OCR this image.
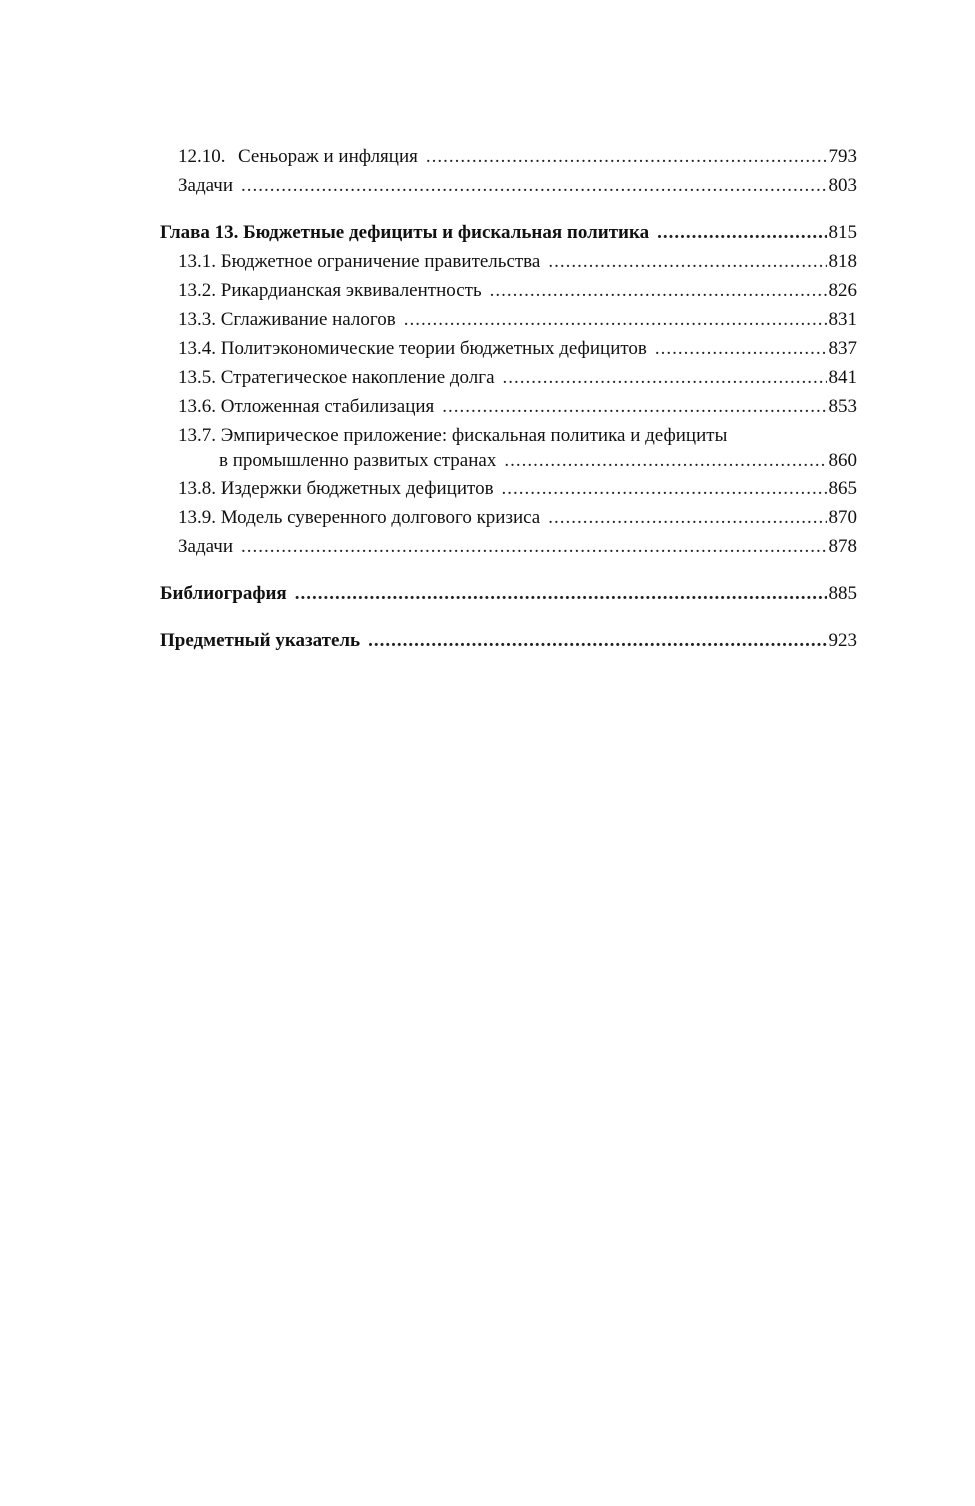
12.10. Сеньораж и инфляция .....	793
Задачи .....	803
Глава 13. Бюджетные дефициты и фискальная политика .....	815
13.1. Бюджетное ограничение правительства .....	818
13.2. Рикардианская эквивалентность .....	826
13.3. Сглаживание налогов .....	831
13.4. Политэкономические теории бюджетных дефицитов .....	837
13.5. Стратегическое накопление долга .....	841
13.6. Отложенная стабилизация .....	853
13.7. Эмпирическое приложение: фискальная политика и дефициты
в промышленно развитых странах .....	860
13.8. Издержки бюджетных дефицитов .....	865
13.9. Модель суверенного долгового кризиса .....	870
Задачи .....	878
Библиография .....	885
Предметный указатель .....	923
